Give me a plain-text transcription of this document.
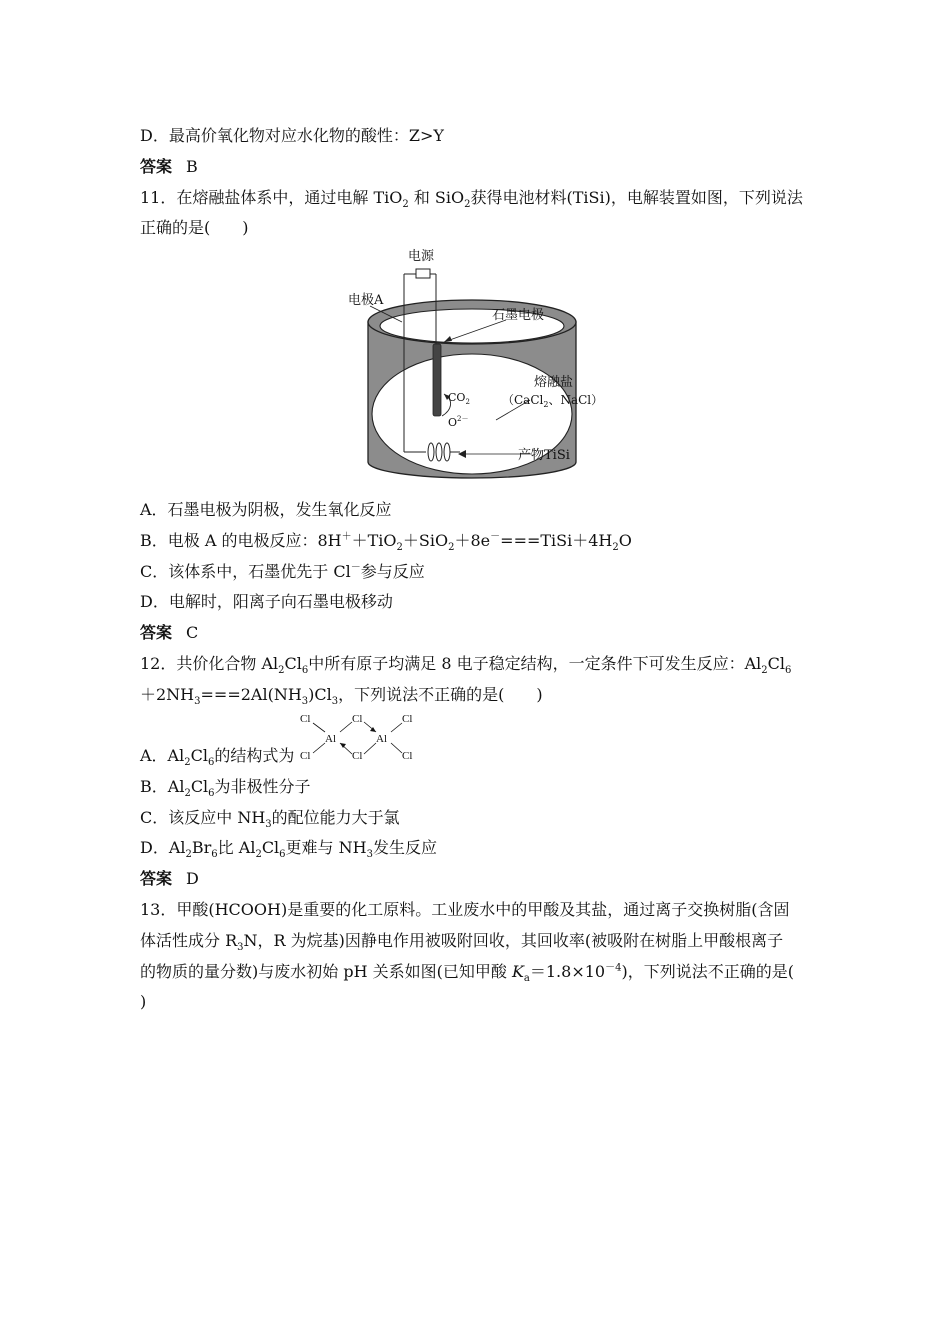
D．最高价氧化物对应水化物的酸性：Z>Y
答案 B
11．在熔融盐体系中，通过电解 TiO$_2$ 和 SiO$_2$获得电池材料(TiSi)，电解装置如图，下列说法
正确的是(　　)
电源
电极A
石墨电极
$CO_2$
$O^{2-}$
熔融盐
（CaCl$_2$、NaCl）
产物TiSi
A．石墨电极为阴极，发生氧化反应
B．电极 A 的电极反应：$8H^++TiO_2+SiO_2+8e^-===TiSi+4H_2O$
C．该体系中，石墨优先于 Cl－参与反应
D．电解时，阳离子向石墨电极移动
答案 C
12．共价化合物 $Al_2Cl_6$中所有原子均满足 8 电子稳定结构，一定条件下可发生反应：$Al_2Cl_6$
$+2NH_3===2Al(NH_3)Cl_3$，下列说法不正确的是(　　)
A．$Al_2Cl_6$的结构式为
Cl
Cl
Al
Cl
Cl
Al
Cl
Cl
B．$Al_2Cl_6$为非极性分子
C．该反应中 $NH_3$的配位能力大于氯
D．$Al_2Br_6$比 $Al_2Cl_6$更难与 $NH_3$发生反应
答案 D
13．甲酸(HCOOH)是重要的化工原料。工业废水中的甲酸及其盐，通过离子交换树脂(含固
体活性成分 $R_3N$，R 为烷基)因静电作用被吸附回收，其回收率(被吸附在树脂上甲酸根离子
的物质的量分数)与废水初始 pH 关系如图(已知甲酸 $K_a=1.8\times 10^{-4}$)，下列说法不正确的是(
)
